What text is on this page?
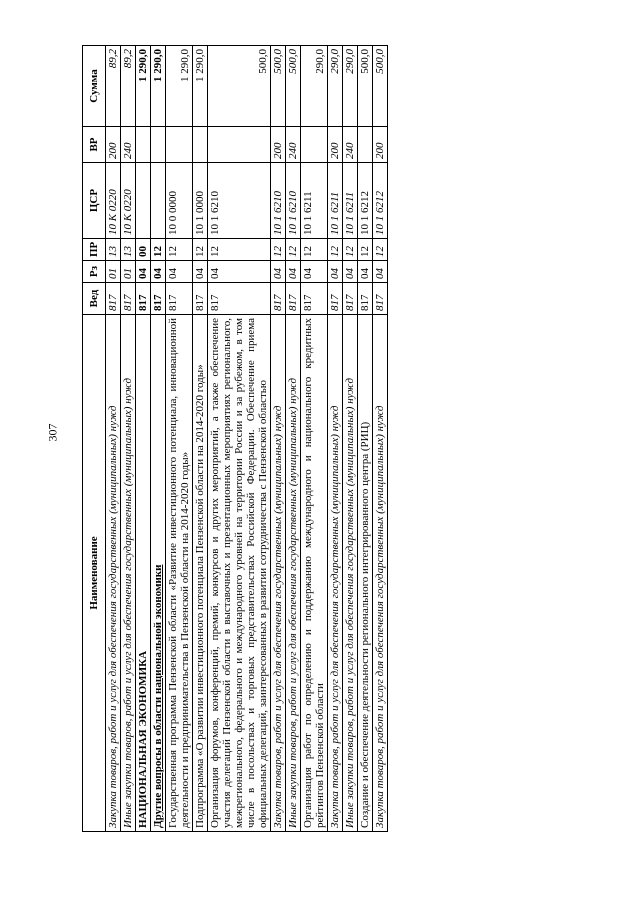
307
Наименование	Вед	Рз	ПР	ЦСР	ВР	Сумма
Закупка товаров, работ и услуг для обеспечения государственных (муниципальных) нужд	817	01	13	10 К 0220	200	89,2
Иные закупки товаров, работ и услуг для обеспечения государственных (муниципальных) нужд	817	01	13	10 К 0220	240	89,2
НАЦИОНАЛЬНАЯ ЭКОНОМИКА	817	04	00			1 290,0
Другие вопросы в области национальной экономики	817	04	12			1 290,0
Государственная программа Пензенской области «Развитие инвестиционного потенциала, инновационной деятельности и предпринимательства в Пензенской области на 2014-2020 годы»	817	04	12	10 0 0000		1 290,0
Подпрограмма «О развитии инвестиционного потенциала Пензенской области на 2014-2020 годы»	817	04	12	10 1 0000		1 290,0
Организация форумов, конференций, премий, конкурсов и других мероприятий, а также обеспечение участия делегаций Пензенской области в выставочных и презентационных мероприятиях регионального, межрегионального, федерального и международного уровней на территории России и за рубежом, в том числе в посольствах и торговых представительствах Российской Федерации. Обеспечение приема официальных делегаций, заинтересованных в развитии сотрудничества с Пензенской областью	817	04	12	10 1 6210		500,0
Закупка товаров, работ и услуг для обеспечения государственных (муниципальных) нужд	817	04	12	10 1 6210	200	500,0
Иные закупки товаров, работ и услуг для обеспечения государственных (муниципальных) нужд	817	04	12	10 1 6210	240	500,0
Организация работ по определению и поддержанию международного и национального кредитных рейтингов Пензенской области	817	04	12	10 1 6211		290,0
Закупка товаров, работ и услуг для обеспечения государственных (муниципальных) нужд	817	04	12	10 1 6211	200	290,0
Иные закупки товаров, работ и услуг для обеспечения государственных (муниципальных) нужд	817	04	12	10 1 6211	240	290,0
Создание и обеспечение деятельности регионального интегрированного центра (РИЦ)	817	04	12	10 1 6212		500,0
Закупка товаров, работ и услуг для обеспечения государственных (муниципальных) нужд	817	04	12	10 1 6212	200	500,0
